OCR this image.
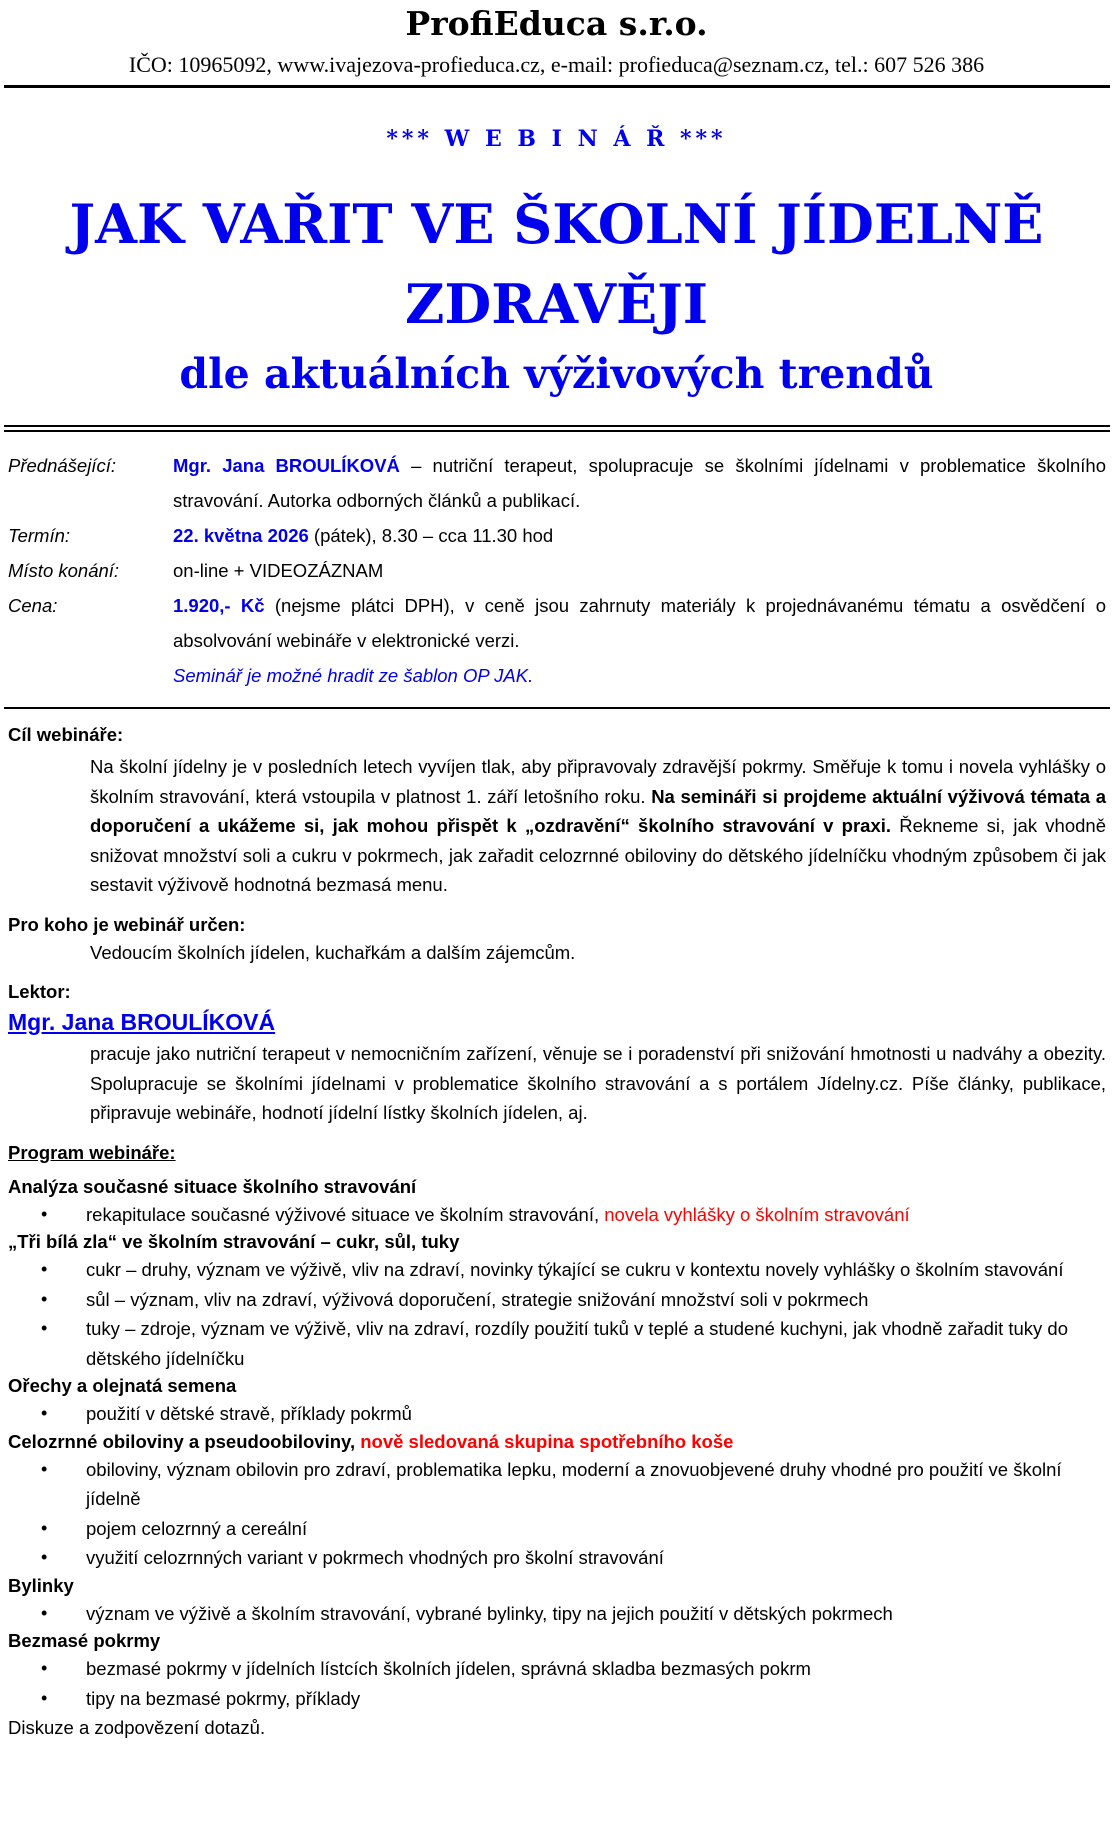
ProfiEduca s.r.o.
IČO: 10965092, www.ivajezova-profieduca.cz, e-mail: profieduca@seznam.cz, tel.: 607 526 386
*** W E B I N Á Ř ***
JAK VAŘIT VE ŠKOLNÍ JÍDELNĚ
ZDRAVĚJI
dle aktuálních výživových trendů
Přednášející:	Mgr. Jana BROULÍKOVÁ – nutriční terapeut, spolupracuje se školními jídelnami v problematice školního stravování. Autorka odborných článků a publikací.
Termín:	22. května 2026 (pátek), 8.30 – cca 11.30 hod
Místo konání:	on-line + VIDEOZÁZNAM
Cena:	1.920,- Kč (nejsme plátci DPH), v ceně jsou zahrnuty materiály k projednávanému tématu a osvědčení o absolvování webináře v elektronické verzi.
Seminář je možné hradit ze šablon OP JAK.
Cíl webináře:
Na školní jídelny je v posledních letech vyvíjen tlak, aby připravovaly zdravější pokrmy. Směřuje k tomu i novela vyhlášky o školním stravování, která vstoupila v platnost 1. září letošního roku. Na semináři si projdeme aktuální výživová témata a doporučení a ukážeme si, jak mohou přispět k „ozdravění“ školního stravování v praxi. Řekneme si, jak vhodně snižovat množství soli a cukru v pokrmech, jak zařadit celozrnné obiloviny do dětského jídelníčku vhodným způsobem či jak sestavit výživově hodnotná bezmasá menu.
Pro koho je webinář určen:
Vedoucím školních jídelen, kuchařkám a dalším zájemcům.
Lektor:
Mgr. Jana BROULÍKOVÁ
pracuje jako nutriční terapeut v nemocničním zařízení, věnuje se i poradenství při snižování hmotnosti u nadváhy a obezity. Spolupracuje se školními jídelnami v problematice školního stravování a s portálem Jídelny.cz. Píše články, publikace, připravuje webináře, hodnotí jídelní lístky školních jídelen, aj.
Program webináře:
Analýza současné situace školního stravování
• rekapitulace současné výživové situace ve školním stravování, novela vyhlášky o školním stravování
„Tři bílá zla“ ve školním stravování – cukr, sůl, tuky
• cukr – druhy, význam ve výživě, vliv na zdraví, novinky týkající se cukru v kontextu novely vyhlášky o školním stavování
• sůl – význam, vliv na zdraví, výživová doporučení, strategie snižování množství soli v pokrmech
• tuky – zdroje, význam ve výživě, vliv na zdraví, rozdíly použití tuků v teplé a studené kuchyni, jak vhodně zařadit tuky do dětského jídelníčku
Ořechy a olejnatá semena
• použití v dětské stravě, příklady pokrmů
Celozrnné obiloviny a pseudoobiloviny, nově sledovaná skupina spotřebního koše
• obiloviny, význam obilovin pro zdraví, problematika lepku, moderní a znovuobjevené druhy vhodné pro použití ve školní jídelně
• pojem celozrnný a cereální
• využití celozrnných variant v pokrmech vhodných pro školní stravování
Bylinky
• význam ve výživě a školním stravování, vybrané bylinky, tipy na jejich použití v dětských pokrmech
Bezmasé pokrmy
• bezmasé pokrmy v jídelních lístcích školních jídelen, správná skladba bezmasých pokrm
• tipy na bezmasé pokrmy, příklady
Diskuze a zodpovězení dotazů.
